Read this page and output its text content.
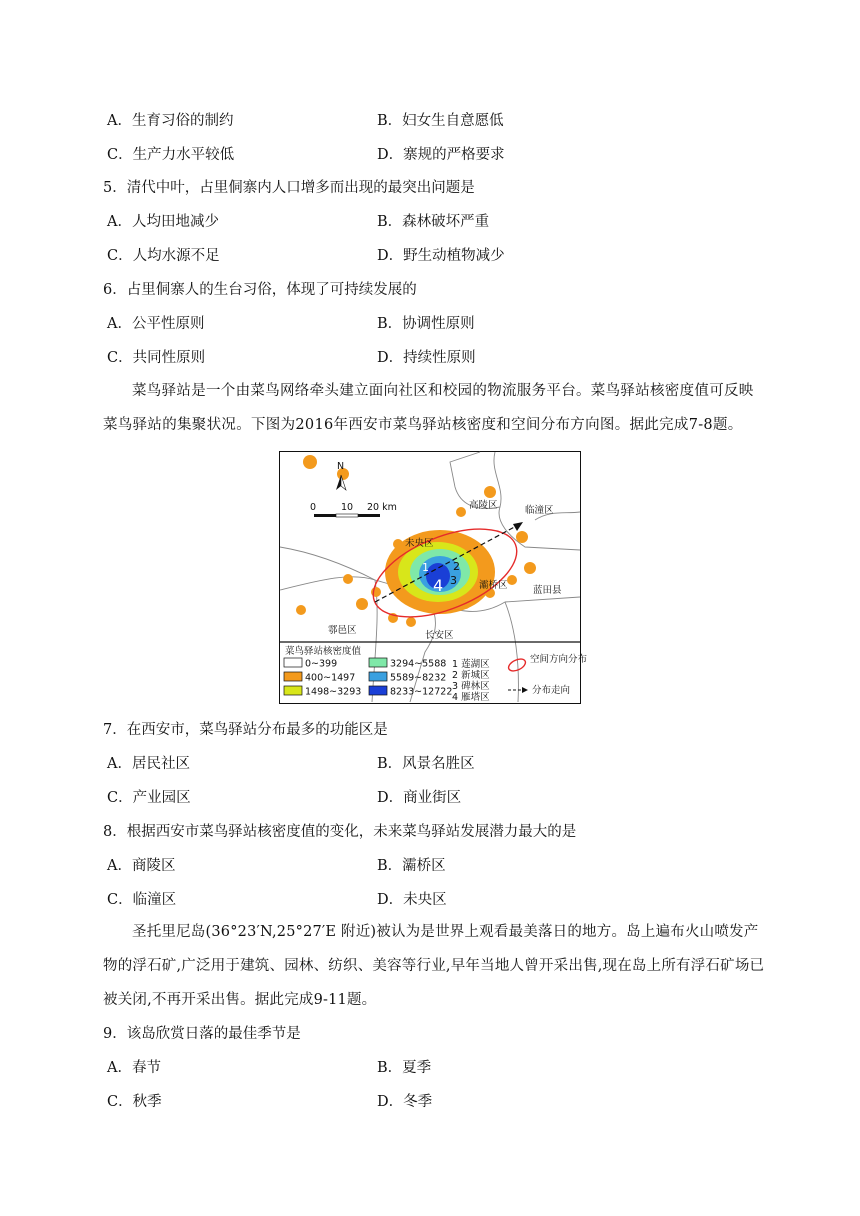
A．生育习俗的制约	B．妇女生自意愿低
C．生产力水平较低	D．寨规的严格要求
5．清代中叶，占里侗寨内人口增多而出现的最突出问题是
A．人均田地减少	B．森林破坏严重
C．人均水源不足	D．野生动植物减少
6．占里侗寨人的生台习俗，体现了可持续发展的
A．公平性原则	B．协调性原则
C．共同性原则	D．持续性原则
菜鸟驿站是一个由菜鸟网络牵头建立面向社区和校园的物流服务平台。菜鸟驿站核密度值可反映菜鸟驿站的集聚状况。下图为2016年西安市菜鸟驿站核密度和空间分布方向图。据此完成7-8题。
1 2
3
4
N
0	10 20 km	高陵区	临潼区
未央区
灞桥区	蓝田县
鄠邑区	长安区
菜鸟驿站核密度值
0~399
400~1497
1498~3293
3294~5588
5589~8232
8233~12722
1 莲湖区
2 新城区
3 碑林区
4 雁塔区
空间方向分布
分布走向
7．在西安市，菜鸟驿站分布最多的功能区是
A．居民社区	B．风景名胜区
C．产业园区	D．商业街区
8．根据西安市菜鸟驿站核密度值的变化，未来菜鸟驿站发展潜力最大的是
A．商陵区	B．灞桥区
C．临潼区	D．未央区
圣托里尼岛(36°23′N,25°27′E 附近)被认为是世界上观看最美落日的地方。岛上遍布火山喷发产物的浮石矿,广泛用于建筑、园林、纺织、美容等行业,早年当地人曾开采出售,现在岛上所有浮石矿场已被关闭,不再开采出售。据此完成9-11题。
9．该岛欣赏日落的最佳季节是
A．春节	B．夏季
C．秋季	D．冬季
